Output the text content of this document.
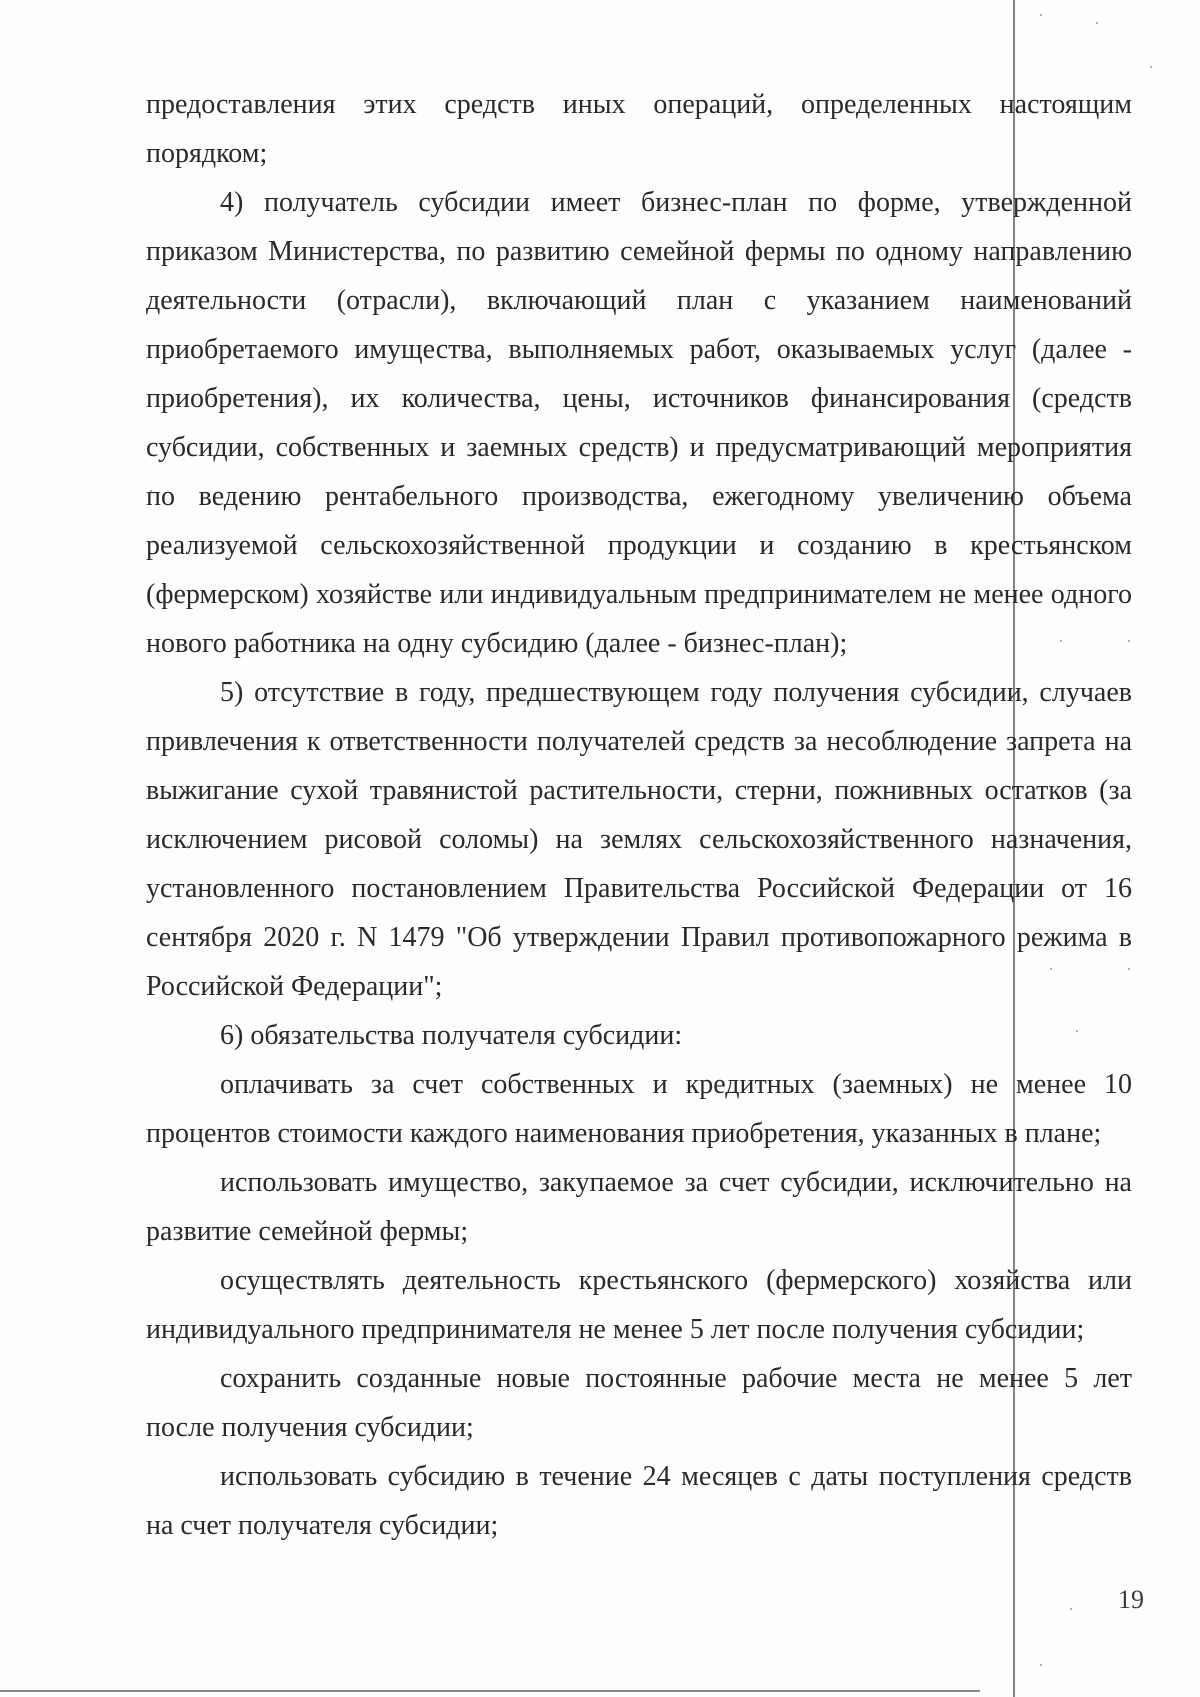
предоставления этих средств иных операций, определенных настоящим порядком;

4) получатель субсидии имеет бизнес-план по форме, утвержденной приказом Министерства, по развитию семейной фермы по одному направлению деятельности (отрасли), включающий план с указанием наименований приобретаемого имущества, выполняемых работ, оказываемых услуг (далее - приобретения), их количества, цены, источников финансирования (средств субсидии, собственных и заемных средств) и предусматривающий мероприятия по ведению рентабельного производства, ежегодному увеличению объема реализуемой сельскохозяйственной продукции и созданию в крестьянском (фермерском) хозяйстве или индивидуальным предпринимателем не менее одного нового работника на одну субсидию (далее - бизнес-план);

5) отсутствие в году, предшествующем году получения субсидии, случаев привлечения к ответственности получателей средств за несоблюдение запрета на выжигание сухой травянистой растительности, стерни, пожнивных остатков (за исключением рисовой соломы) на землях сельскохозяйственного назначения, установленного постановлением Правительства Российской Федерации от 16 сентября 2020 г. N 1479 "Об утверждении Правил противопожарного режима в Российской Федерации";

6) обязательства получателя субсидии:

оплачивать за счет собственных и кредитных (заемных) не менее 10 процентов стоимости каждого наименования приобретения, указанных в плане;

использовать имущество, закупаемое за счет субсидии, исключительно на развитие семейной фермы;

осуществлять деятельность крестьянского (фермерского) хозяйства или индивидуального предпринимателя не менее 5 лет после получения субсидии;

сохранить созданные новые постоянные рабочие места не менее 5 лет после получения субсидии;

использовать субсидию в течение 24 месяцев с даты поступления средств на счет получателя субсидии;

19
